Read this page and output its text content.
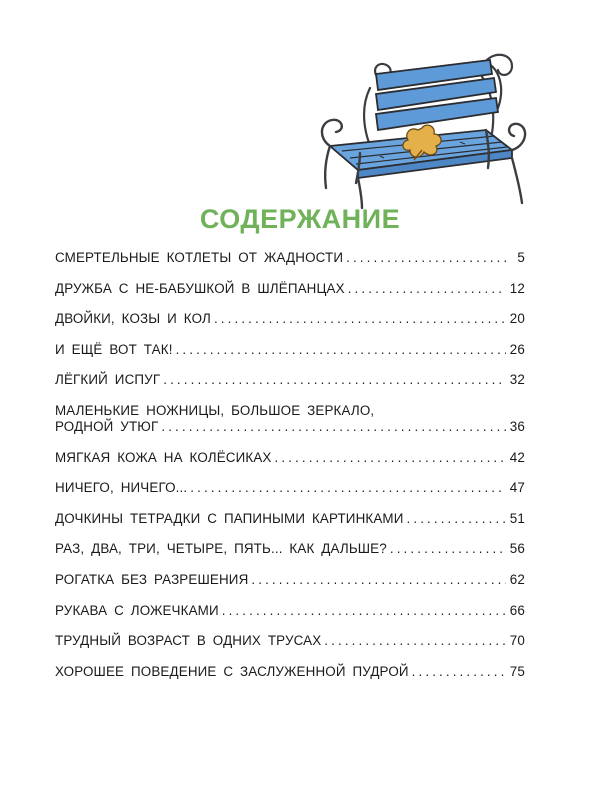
СОДЕРЖАНИЕ
СМЕРТЕЛЬНЫЕ КОТЛЕТЫ ОТ ЖАДНОСТИ . . .	5
ДРУЖБА С НЕ-БАБУШКОЙ В ШЛЁПАНЦАХ . . .	12
ДВОЙКИ, КОЗЫ И КОЛ . . .	20
И ЕЩЁ ВОТ ТАК! . . .	26
ЛЁГКИЙ ИСПУГ . . .	32
МАЛЕНЬКИЕ НОЖНИЦЫ, БОЛЬШОЕ ЗЕРКАЛО,
РОДНОЙ УТЮГ . . .	36
МЯГКАЯ КОЖА НА КОЛЁСИКАХ . . .	42
НИЧЕГО, НИЧЕГО... . . .	47
ДОЧКИНЫ ТЕТРАДКИ С ПАПИНЫМИ КАРТИНКАМИ . . .	51
РАЗ, ДВА, ТРИ, ЧЕТЫРЕ, ПЯТЬ... КАК ДАЛЬШЕ? . . .	56
РОГАТКА БЕЗ РАЗРЕШЕНИЯ . . .	62
РУКАВА С ЛОЖЕЧКАМИ . . .	66
ТРУДНЫЙ ВОЗРАСТ В ОДНИХ ТРУСАХ . . .	70
ХОРОШЕЕ ПОВЕДЕНИЕ С ЗАСЛУЖЕННОЙ ПУДРОЙ . . .	75
